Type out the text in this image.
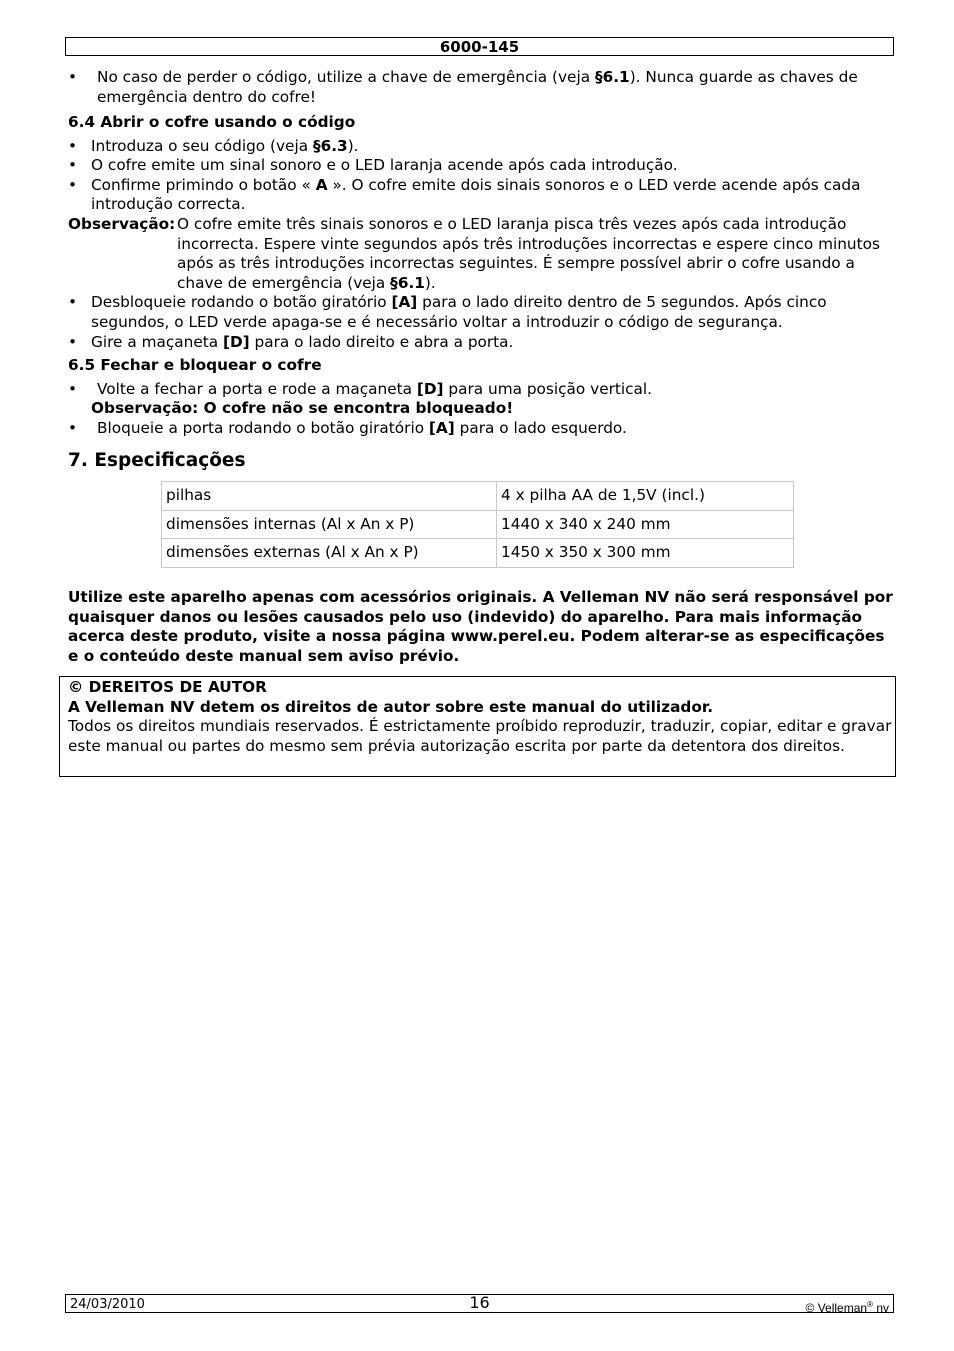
6000-145
• No caso de perder o código, utilize a chave de emergência (veja §6.1). Nunca guarde as chaves de emergência dentro do cofre!
6.4 Abrir o cofre usando o código
• Introduza o seu código (veja §6.3).
• O cofre emite um sinal sonoro e o LED laranja acende após cada introdução.
• Confirme primindo o botão « A ». O cofre emite dois sinais sonoros e o LED verde acende após cada introdução correcta.
Observação: O cofre emite três sinais sonoros e o LED laranja pisca três vezes após cada introdução incorrecta. Espere vinte segundos após três introduções incorrectas e espere cinco minutos após as três introduções incorrectas seguintes. É sempre possível abrir o cofre usando a chave de emergência (veja §6.1).
• Desbloqueie rodando o botão giratório [A] para o lado direito dentro de 5 segundos. Após cinco segundos, o LED verde apaga-se e é necessário voltar a introduzir o código de segurança.
• Gire a maçaneta [D] para o lado direito e abra a porta.
6.5 Fechar e bloquear o cofre
• Volte a fechar a porta e rode a maçaneta [D] para uma posição vertical.
Observação: O cofre não se encontra bloqueado!
• Bloqueie a porta rodando o botão giratório [A] para o lado esquerdo.
7. Especificações
pilhas	4 x pilha AA de 1,5V (incl.)
dimensões internas (Al x An x P)	1440 x 340 x 240 mm
dimensões externas (Al x An x P)	1450 x 350 x 300 mm
Utilize este aparelho apenas com acessórios originais. A Velleman NV não será responsável por quaisquer danos ou lesões causados pelo uso (indevido) do aparelho. Para mais informação acerca deste produto, visite a nossa página www.perel.eu. Podem alterar-se as especificações e o conteúdo deste manual sem aviso prévio.
© DEREITOS DE AUTOR
A Velleman NV detem os direitos de autor sobre este manual do utilizador.
Todos os direitos mundiais reservados. É estrictamente proíbido reproduzir, traduzir, copiar, editar e gravar este manual ou partes do mesmo sem prévia autorização escrita por parte da detentora dos direitos.
24/03/2010	16	© Velleman® nv
